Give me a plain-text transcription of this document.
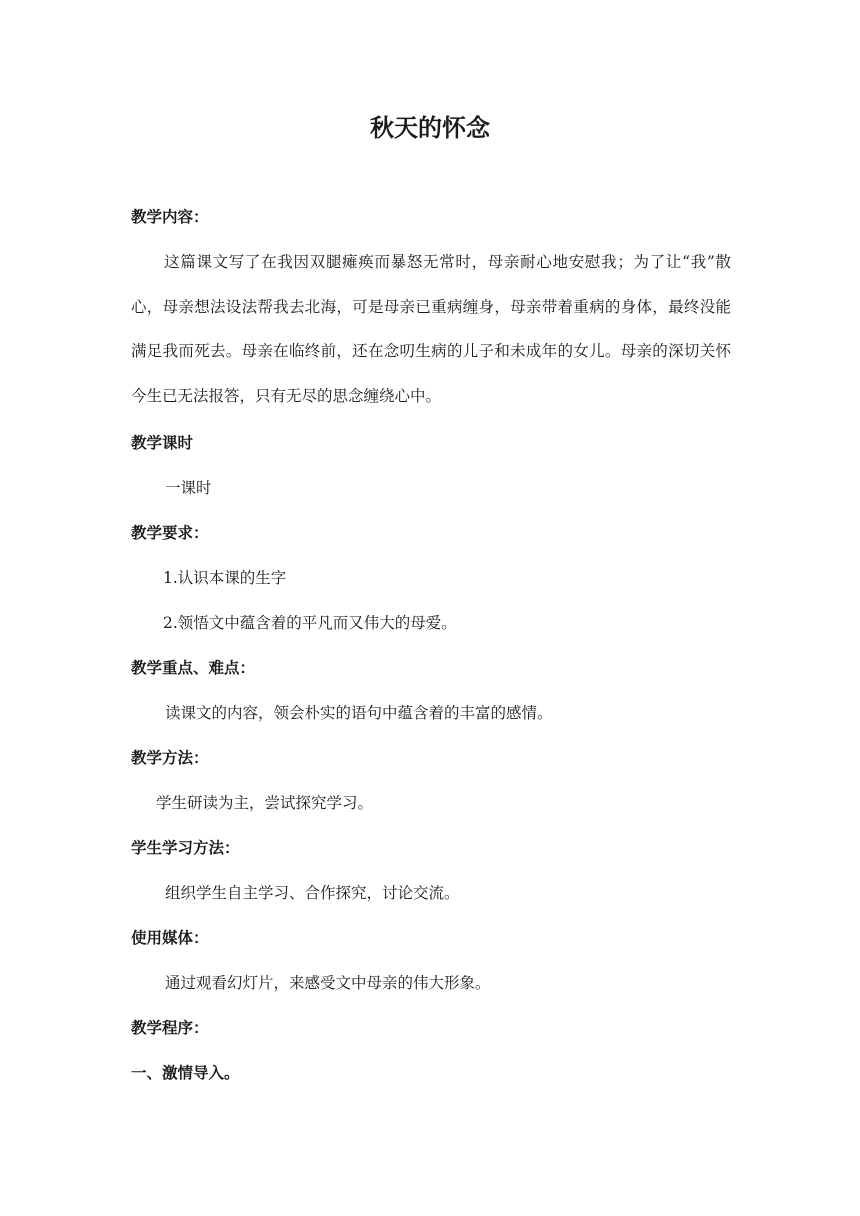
秋天的怀念
教学内容：
这篇课文写了在我因双腿瘫痪而暴怒无常时，母亲耐心地安慰我；为了让“我”散心，母亲想法设法帮我去北海，可是母亲已重病缠身，母亲带着重病的身体，最终没能满足我而死去。母亲在临终前，还在念叨生病的儿子和未成年的女儿。母亲的深切关怀今生已无法报答，只有无尽的思念缠绕心中。
教学课时
一课时
教学要求：
1.认识本课的生字
2.领悟文中蕴含着的平凡而又伟大的母爱。
教学重点、难点：
读课文的内容，领会朴实的语句中蕴含着的丰富的感情。
教学方法：
学生研读为主，尝试探究学习。
学生学习方法：
组织学生自主学习、合作探究，讨论交流。
使用媒体：
通过观看幻灯片，来感受文中母亲的伟大形象。
教学程序：
一、激情导入。
